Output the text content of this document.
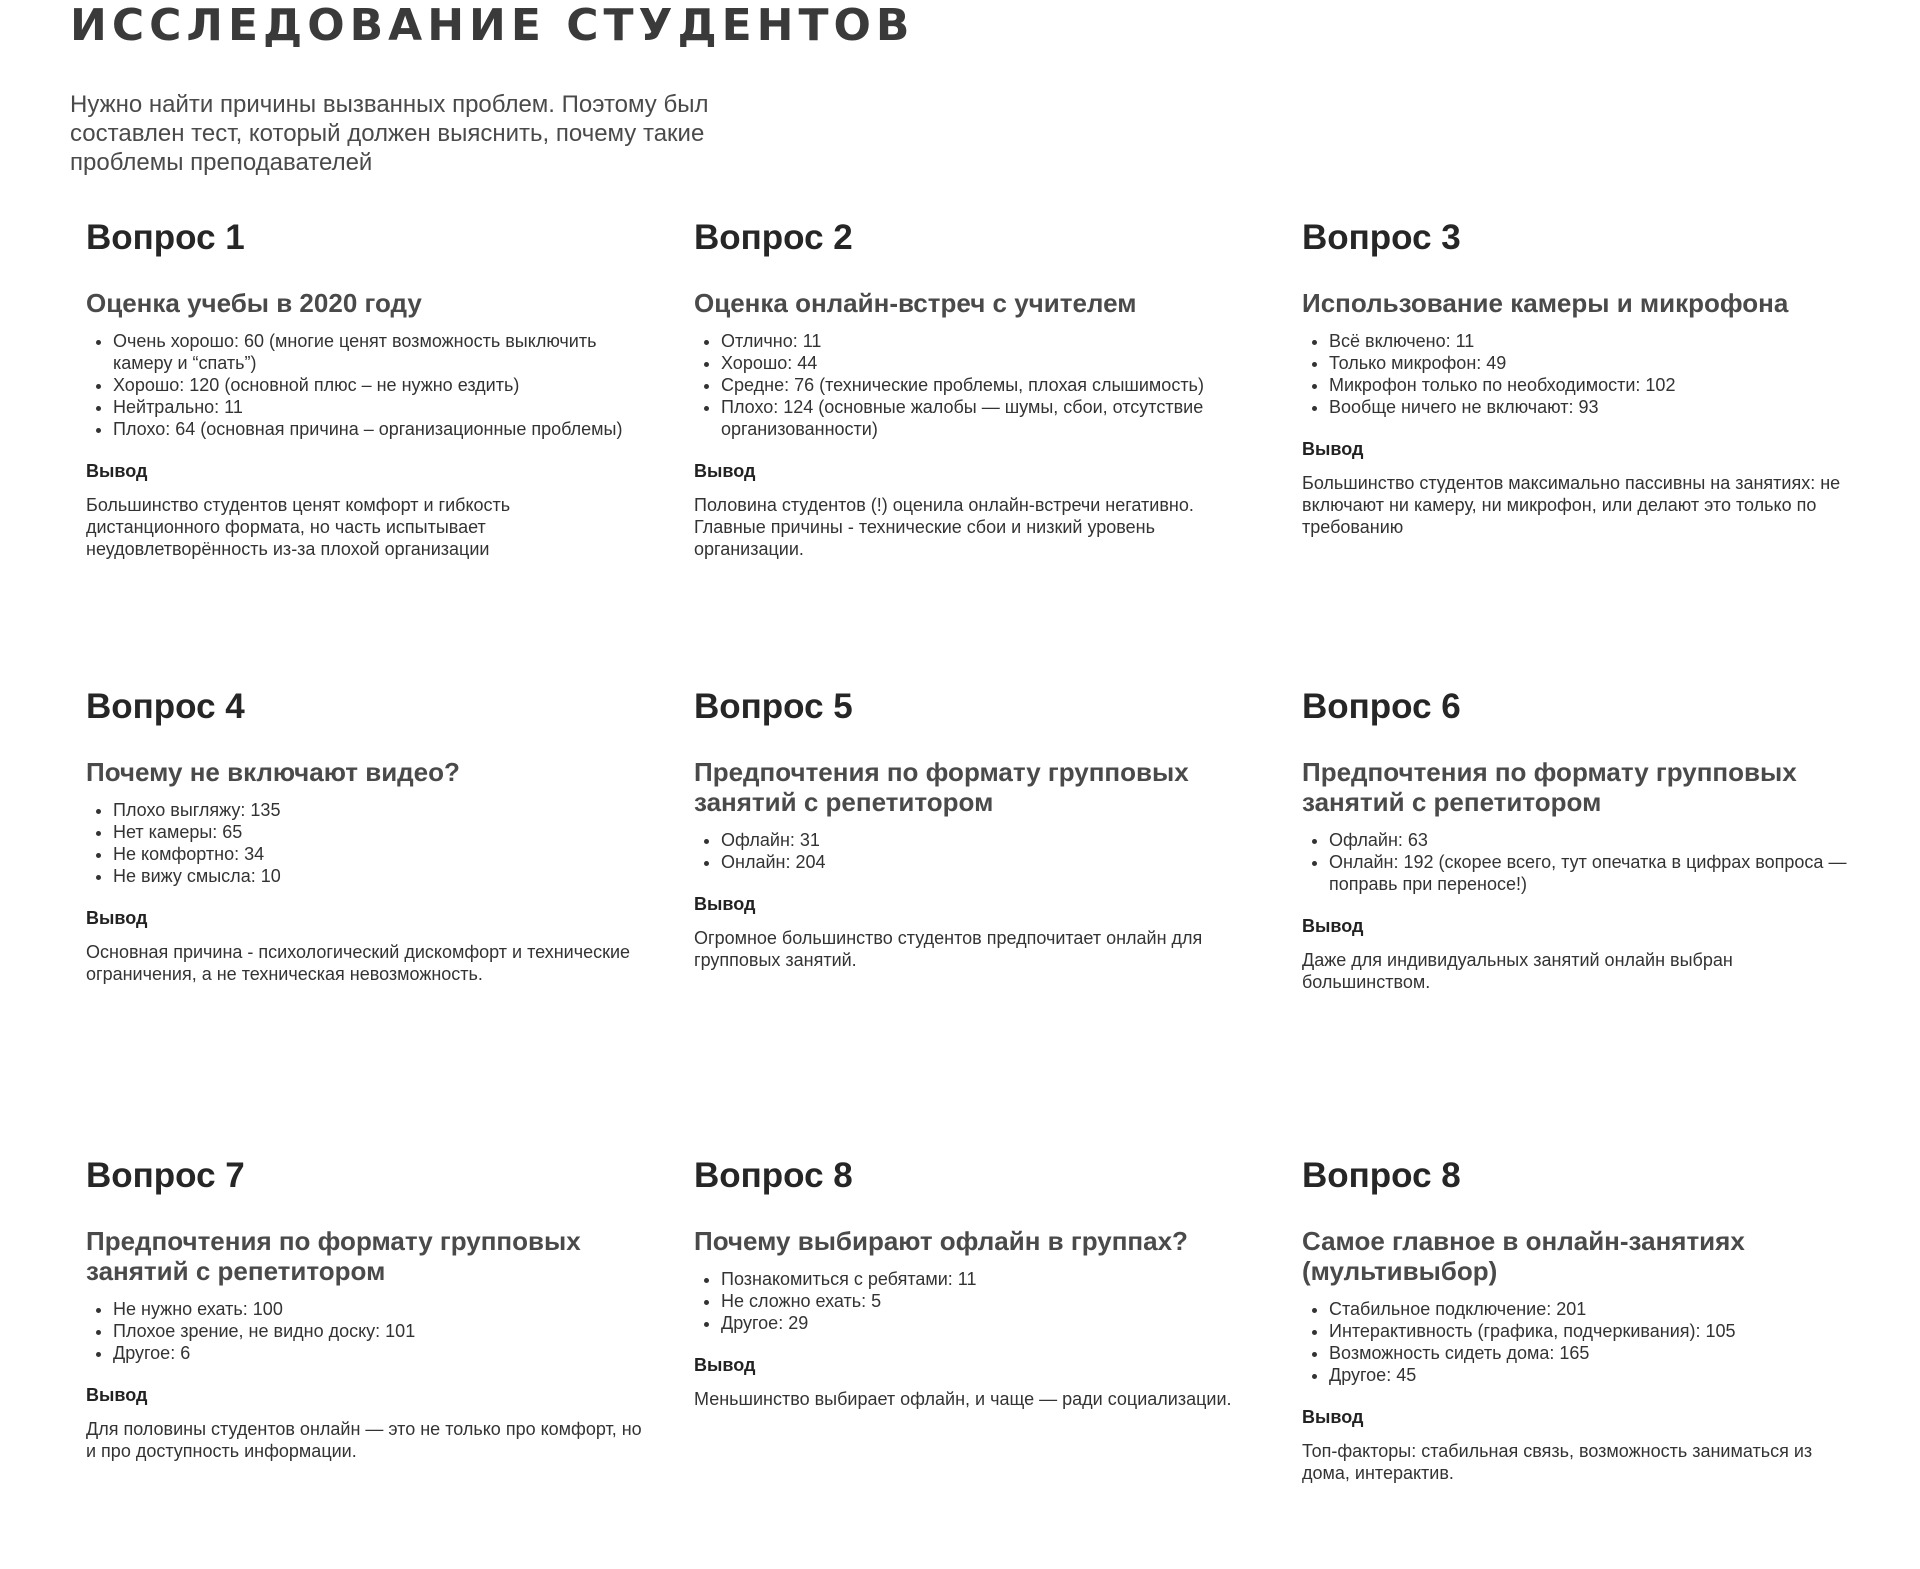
ИССЛЕДОВАНИЕ СТУДЕНТОВ

Нужно найти причины вызванных проблем. Поэтому был составлен тест, который должен выяснить, почему такие проблемы преподавателей

Вопрос 1
Оценка учебы в 2020 году
• Очень хорошо: 60 (многие ценят возможность выключить камеру и “спать”)
• Хорошо: 120 (основной плюс – не нужно ездить)
• Нейтрально: 11
• Плохо: 64 (основная причина – организационные проблемы)
Вывод

Большинство студентов ценят комфорт и гибкость дистанционного формата, но часть испытывает неудовлетворённость из-за плохой организации

Вопрос 2
Оценка онлайн-встреч с учителем
• Отлично: 11
• Хорошо: 44
• Средне: 76 (технические проблемы, плохая слышимость)
• Плохо: 124 (основные жалобы — шумы, сбои, отсутствие организованности)
Вывод

Половина студентов (!) оценила онлайн-встречи негативно. Главные причины - технические сбои и низкий уровень организации.

Вопрос 3
Использование камеры и микрофона
• Всё включено: 11
• Только микрофон: 49
• Микрофон только по необходимости: 102
• Вообще ничего не включают: 93
Вывод

Большинство студентов максимально пассивны на занятиях: не включают ни камеру, ни микрофон, или делают это только по требованию

Вопрос 4
Почему не включают видео?
• Плохо выгляжу: 135
• Нет камеры: 65
• Не комфортно: 34
• Не вижу смысла: 10
Вывод

Основная причина - психологический дискомфорт и технические ограничения, а не техническая невозможность.

Вопрос 5
Предпочтения по формату групповых занятий с репетитором
• Офлайн: 31
• Онлайн: 204
Вывод

Огромное большинство студентов предпочитает онлайн для групповых занятий.

Вопрос 6
Предпочтения по формату групповых занятий с репетитором
• Офлайн: 63
• Онлайн: 192 (скорее всего, тут опечатка в цифрах вопроса — поправь при переносе!)
Вывод

Даже для индивидуальных занятий онлайн выбран большинством.

Вопрос 7
Предпочтения по формату групповых занятий с репетитором
• Не нужно ехать: 100
• Плохое зрение, не видно доску: 101
• Другое: 6
Вывод

Для половины студентов онлайн — это не только про комфорт, но и про доступность информации.

Вопрос 8
Почему выбирают офлайн в группах?
• Познакомиться с ребятами: 11
• Не сложно ехать: 5
• Другое: 29
Вывод

Меньшинство выбирает офлайн, и чаще — ради социализации.

Вопрос 8
Самое главное в онлайн-занятиях (мультивыбор)
• Стабильное подключение: 201
• Интерактивность (графика, подчеркивания): 105
• Возможность сидеть дома: 165
• Другое: 45
Вывод

Топ-факторы: стабильная связь, возможность заниматься из дома, интерактив.
